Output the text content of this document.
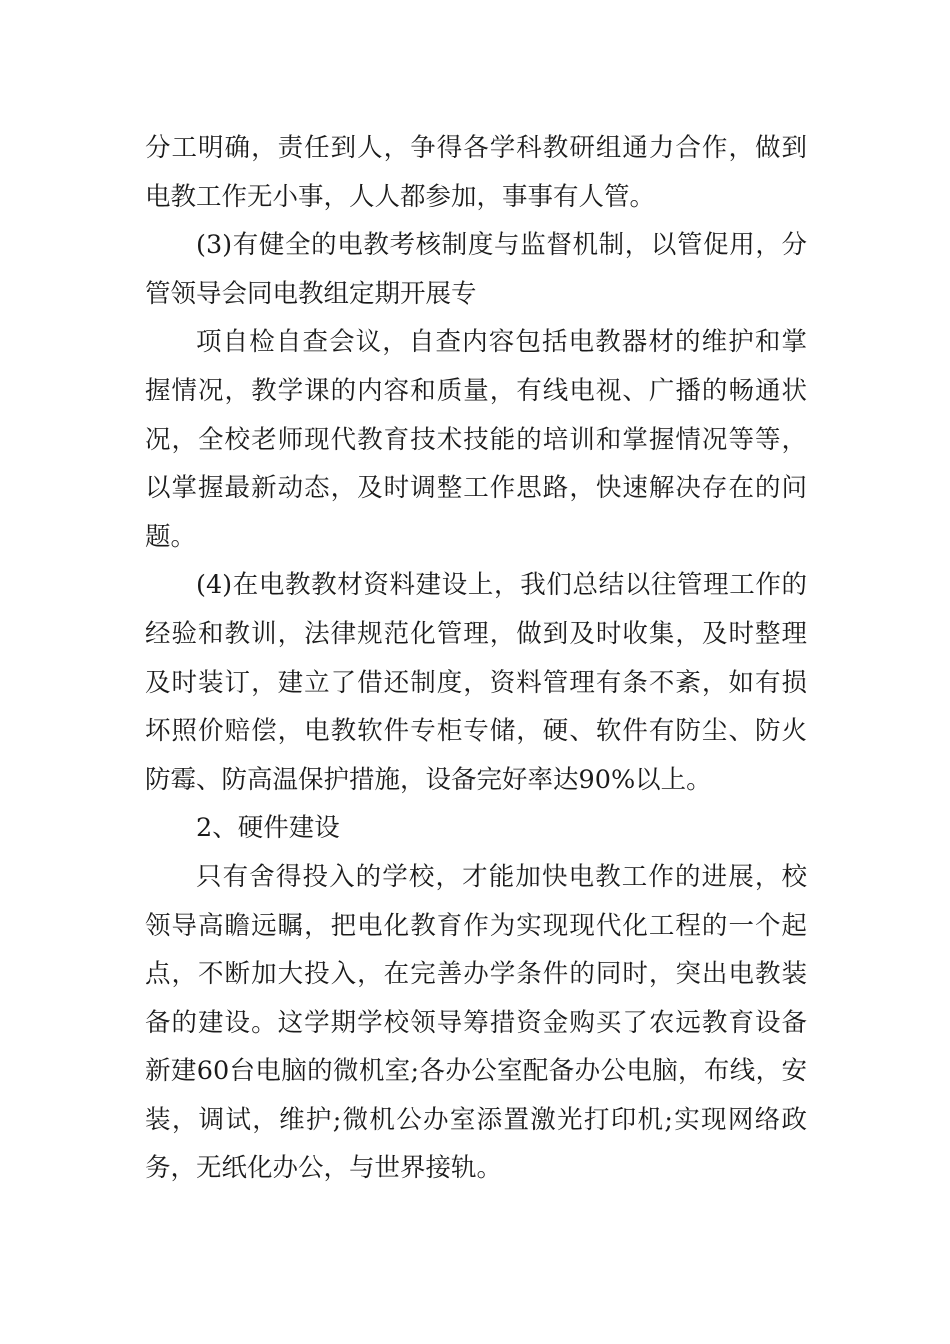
分工明确，责任到人，争得各学科教研组通力合作，做到电教工作无小事，人人都参加，事事有人管。

(3)有健全的电教考核制度与监督机制，以管促用，分管领导会同电教组定期开展专

项自检自查会议，自查内容包括电教器材的维护和掌握情况，教学课的内容和质量，有线电视、广播的畅通状况，全校老师现代教育技术技能的培训和掌握情况等等，以掌握最新动态，及时调整工作思路，快速解决存在的问题。

(4)在电教教材资料建设上，我们总结以往管理工作的经验和教训，法律规范化管理，做到及时收集，及时整理及时装订，建立了借还制度，资料管理有条不紊，如有损坏照价赔偿，电教软件专柜专储，硬、软件有防尘、防火防霉、防高温保护措施，设备完好率达90%以上。

2、硬件建设

只有舍得投入的学校，才能加快电教工作的进展，校领导高瞻远瞩，把电化教育作为实现现代化工程的一个起点，不断加大投入，在完善办学条件的同时，突出电教装备的建设。这学期学校领导筹措资金购买了农远教育设备新建60台电脑的微机室;各办公室配备办公电脑，布线，安装，调试，维护;微机公办室添置激光打印机;实现网络政务，无纸化办公，与世界接轨。
